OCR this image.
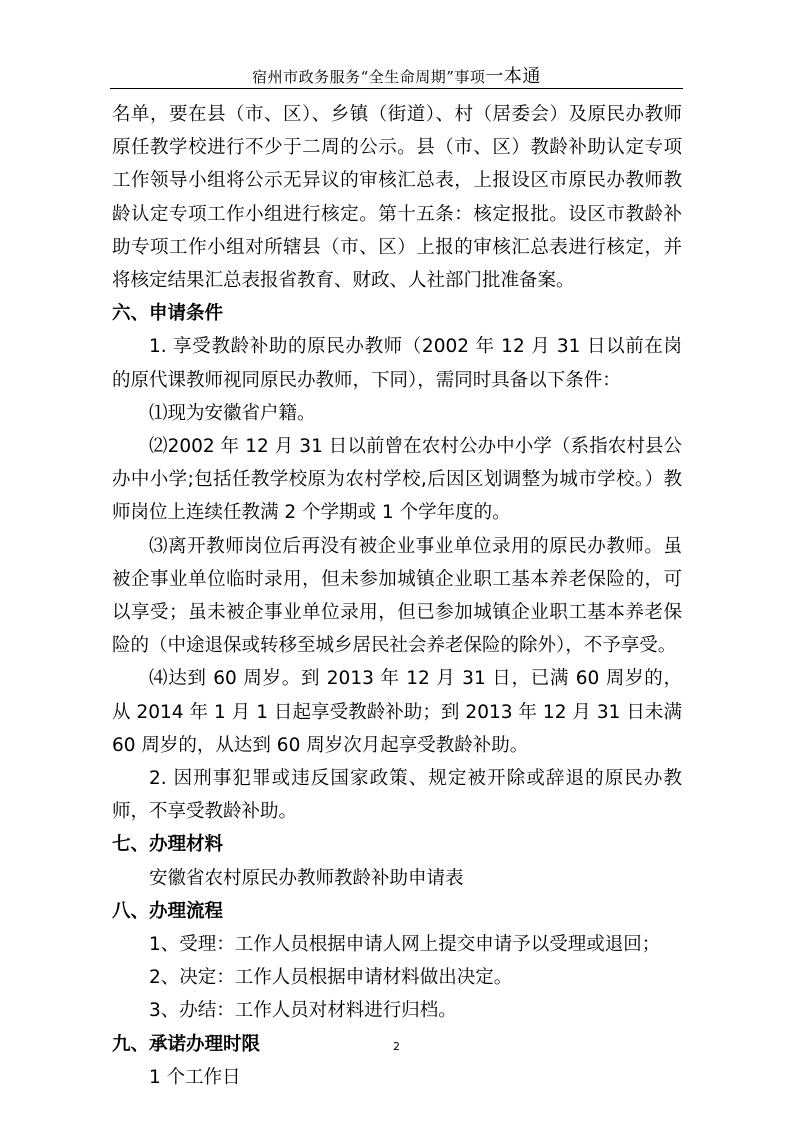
宿州市政务服务“全生命周期”事项一本通

名单，要在县（市、区）、乡镇（街道）、村（居委会）及原民办教师原任教学校进行不少于二周的公示。县（市、区）教龄补助认定专项工作领导小组将公示无异议的审核汇总表，上报设区市原民办教师教龄认定专项工作小组进行核定。第十五条：核定报批。设区市教龄补助专项工作小组对所辖县（市、区）上报的审核汇总表进行核定，并将核定结果汇总表报省教育、财政、人社部门批准备案。

六、申请条件

1. 享受教龄补助的原民办教师（2002 年 12 月 31 日以前在岗的原代课教师视同原民办教师，下同），需同时具备以下条件：

⑴现为安徽省户籍。

⑵2002 年 12 月 31 日以前曾在农村公办中小学（系指农村县公办中小学;包括任教学校原为农村学校,后因区划调整为城市学校。）教师岗位上连续任教满 2 个学期或 1 个学年度的。

⑶离开教师岗位后再没有被企业事业单位录用的原民办教师。虽被企事业单位临时录用，但未参加城镇企业职工基本养老保险的，可以享受；虽未被企事业单位录用，但已参加城镇企业职工基本养老保险的（中途退保或转移至城乡居民社会养老保险的除外），不予享受。

⑷达到 60 周岁。到 2013 年 12 月 31 日，已满 60 周岁的，从 2014 年 1 月 1 日起享受教龄补助；到 2013 年 12 月 31 日未满 60 周岁的，从达到 60 周岁次月起享受教龄补助。

2. 因刑事犯罪或违反国家政策、规定被开除或辞退的原民办教师，不享受教龄补助。

七、办理材料

安徽省农村原民办教师教龄补助申请表

八、办理流程

1、受理：工作人员根据申请人网上提交申请予以受理或退回；

2、决定：工作人员根据申请材料做出决定。

3、办结：工作人员对材料进行归档。

九、承诺办理时限

1 个工作日

2
